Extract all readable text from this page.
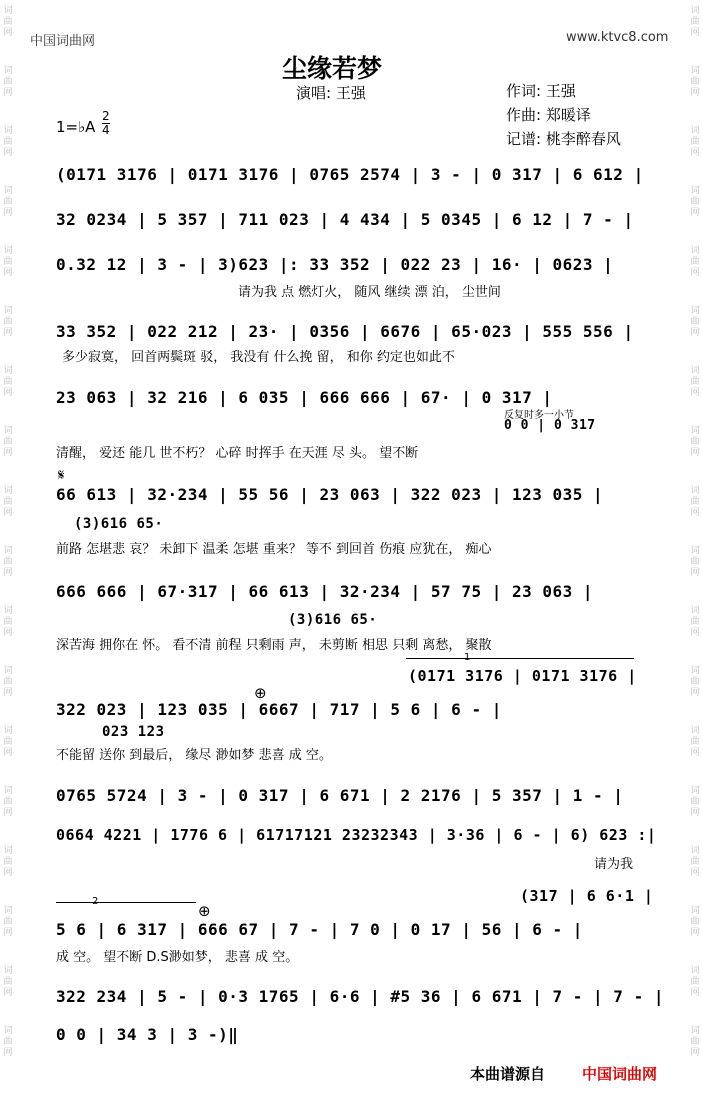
词
曲
网
词
曲
网
词
曲
网
词
曲
网
词
曲
网
词
曲
网
词
曲
网
词
曲
网
词
曲
网
词
曲
网
词
曲
网
词
曲
网
词
曲
网
词
曲
网
词
曲
网
词
曲
网
词
曲
网
词
曲
网
词
曲
网
词
曲
网
词
曲
网
词
曲
网
词
曲
网
词
曲
网
词
曲
网
词
曲
网
词
曲
网
词
曲
网
词
曲
网
词
曲
网
词
曲
网
词
曲
网
词
曲
网
词
曲
网
词
曲
网
词
曲
网
中国词曲网	www.ktvc8.com
尘缘若梦
演唱: 王强	作词: 王强
作曲: 郑暖译
记谱: 桃李醉春风
1=♭A
2
4
(0171 3176 | 0171 3176 | 0765 2574 | 3 - | 0 317 | 6 612 |
32 0234 | 5 357 | 711 023 | 4 434 | 5 0345 | 6 12 | 7 - |
0.32 12 | 3 - | 3)623 |: 33 352 | 022 23 | 16· | 0623 |
请为我 点 燃灯火， 随风 继续 漂 泊， 尘世间
33 352 | 022 212 | 23· | 0356 | 6676 | 65·023 | 555 556 |
多少寂寞， 回首两鬓斑 驳， 我没有 什么挽 留， 和你 约定也如此不
23 063 | 32 216 | 6 035 | 666 666 | 67· | 0 317 |
反复时多一小节
0 0 | 0 317
清醒， 爱还 能几 世不朽？ 心碎 时挥手 在天涯 尽 头。 望不断
𝄋
66 613 | 32·234 | 55 56 | 23 063 | 322 023 | 123 035 |
(3)616 65·
前路 怎堪悲 哀？ 未卸下 温柔 怎堪 重来？ 等不 到回首 伤痕 应犹在， 痴心
666 666 | 67·317 | 66 613 | 32·234 | 57 75 | 23 063 |
(3)616 65·
深苦海 拥你在 怀。 看不清 前程 只剩雨 声， 未剪断 相思 只剩 离愁， 聚散
1
(0171 3176 | 0171 3176 |
⊕
322 023 | 123 035 | 6667 | 717 | 5 6 | 6 - |
023 123
不能留 送你 到最后， 缘尽 渺如梦 悲喜 成 空。
0765 5724 | 3 - | 0 317 | 6 671 | 2 2176 | 5 357 | 1 - |
0664 4221 | 1776 6 | 61717121 23232343 | 3·36 | 6 - | 6) 623 :|
请为我
2	(317 | 6 6·1 |
⊕
5 6 | 6 317 | 666 67 | 7 - | 7 0 | 0 17 | 56 | 6 - |
成 空。 望不断 D.S渺如梦， 悲喜 成 空。
322 234 | 5 - | 0·3 1765 | 6·6 | #5 36 | 6 671 | 7 - | 7 - |
0 0 | 34 3 | 3 -)‖
本曲谱源自 中国词曲网
